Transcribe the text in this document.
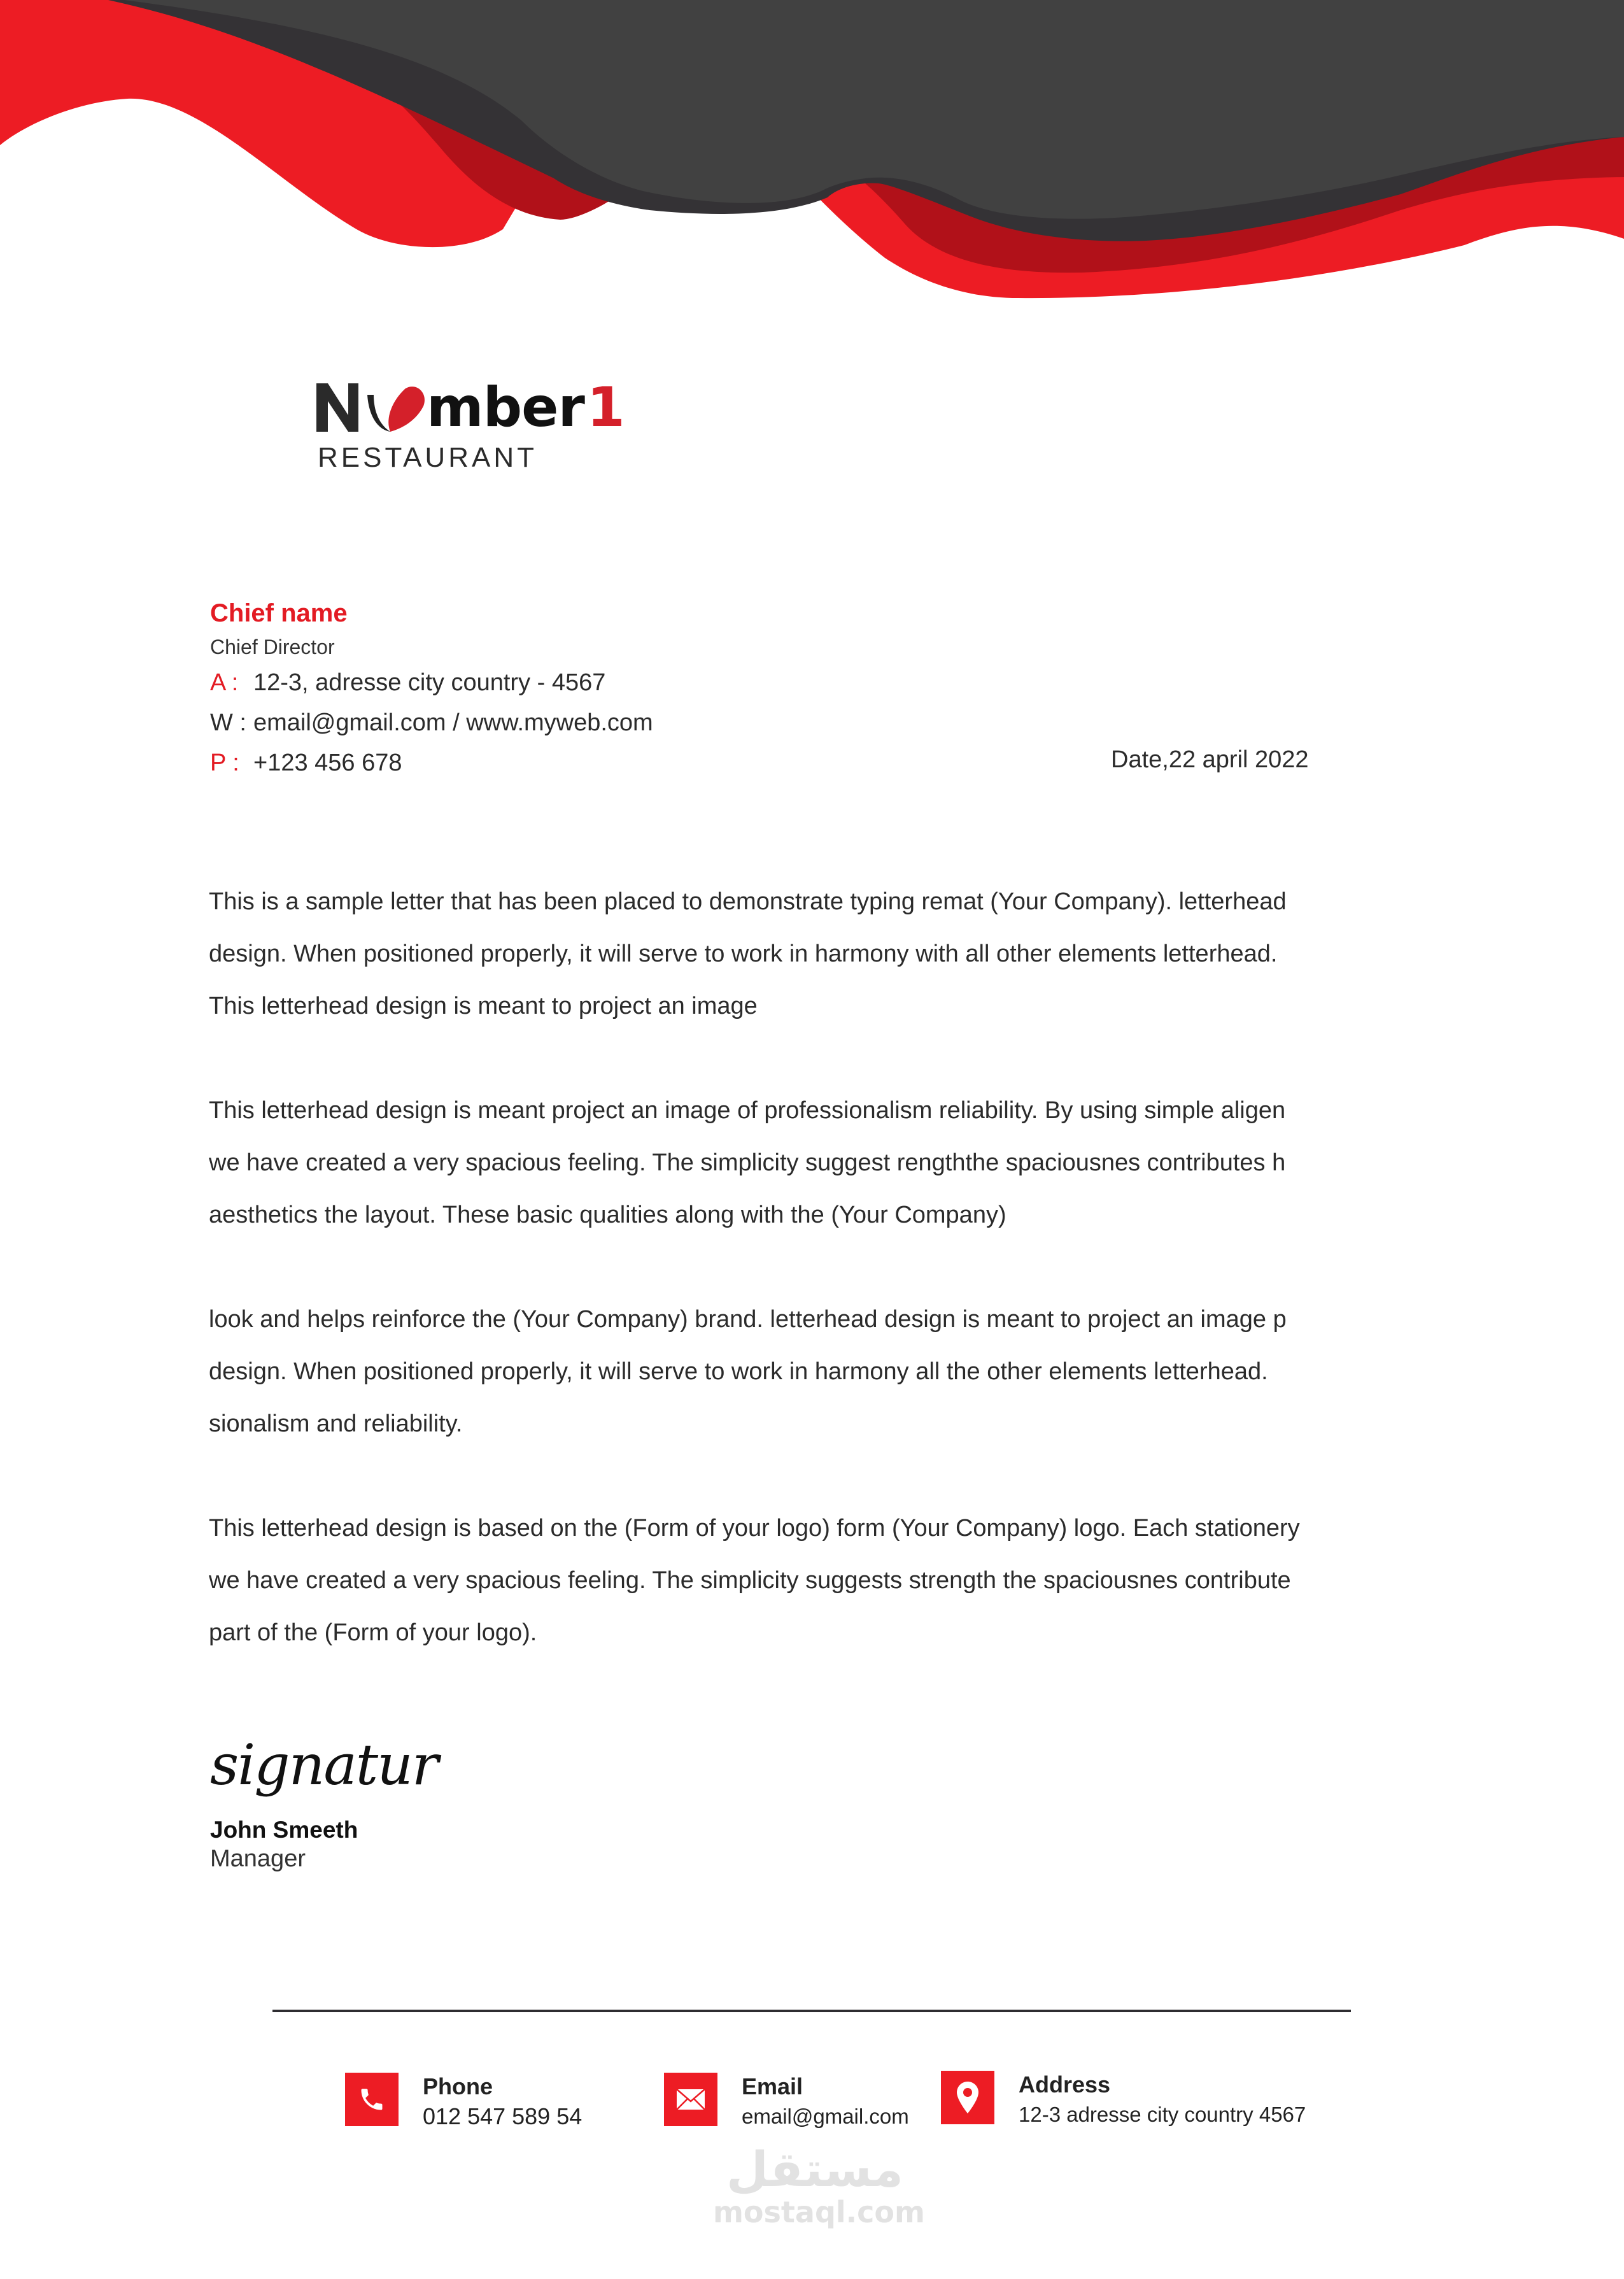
mber 1
RESTAURANT
Chief name
Chief Director
A : 12-3, adresse city country - 4567
W : email@gmail.com / www.myweb.com
P : +123 456 678	Date,22 april 2022
This is a sample letter that has been placed to demonstrate typing remat (Your Company). letterhead
design. When positioned properly, it will serve to work in harmony with all other elements letterhead.
This letterhead design is meant to project an image
This letterhead design is meant project an image of professionalism reliability. By using simple aligen
we have created a very spacious feeling. The simplicity suggest rengththe spaciousnes contributes h
aesthetics the layout. These basic qualities along with the (Your Company)
look and helps reinforce the (Your Company) brand. letterhead design is meant to project an image p
design. When positioned properly, it will serve to work in harmony all the other elements letterhead.
sionalism and reliability.
This letterhead design is based on the (Form of your logo) form (Your Company) logo. Each stationery
we have created a very spacious feeling. The simplicity suggests strength the spaciousnes contribute
part of the (Form of your logo).
signatur
John Smeeth
Manager
Phone
012 547 589 54
Email
email@gmail.com
Address
12-3 adresse city country 4567
مستقل
mostaql.com
